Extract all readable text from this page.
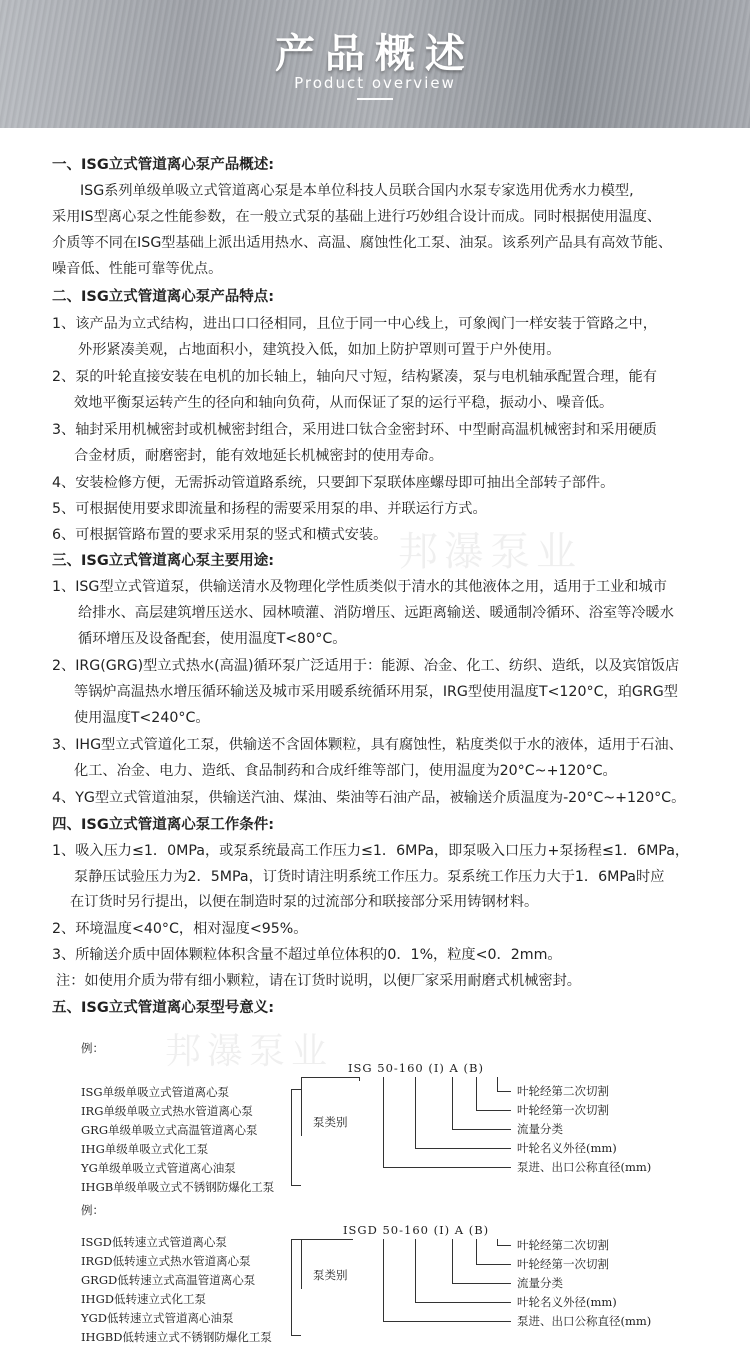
产品概述
Product overview
一、ISG立式管道离心泵产品概述:
ISG系列单级单吸立式管道离心泵是本单位科技人员联合国内水泵专家选用优秀水力模型,
采用IS型离心泵之性能参数，在一般立式泵的基础上进行巧妙组合设计而成。同时根据使用温度、
介质等不同在ISG型基础上派出适用热水、高温、腐蚀性化工泵、油泵。该系列产品具有高效节能、
噪音低、性能可靠等优点。
二、ISG立式管道离心泵产品特点:
1、该产品为立式结构，进出口口径相同，且位于同一中心线上，可象阀门一样安装于管路之中，
外形紧凑美观，占地面积小，建筑投入低，如加上防护罩则可置于户外使用。
2、泵的叶轮直接安装在电机的加长轴上，轴向尺寸短，结构紧凑，泵与电机轴承配置合理，能有
效地平衡泵运转产生的径向和轴向负荷，从而保证了泵的运行平稳，振动小、噪音低。
3、轴封采用机械密封或机械密封组合，采用进口钛合金密封环、中型耐高温机械密封和采用硬质
合金材质，耐磨密封，能有效地延长机械密封的使用寿命。
4、安装检修方便，无需拆动管道路系统，只要卸下泵联体座螺母即可抽出全部转子部件。
5、可根据使用要求即流量和扬程的需要采用泵的串、并联运行方式。
6、可根据管路布置的要求采用泵的竖式和横式安装。 邦瀑泵业
三、ISG立式管道离心泵主要用途:
1、ISG型立式管道泵，供输送清水及物理化学性质类似于清水的其他液体之用，适用于工业和城市
给排水、高层建筑增压送水、园林喷灌、消防增压、远距离输送、暖通制冷循环、浴室等冷暖水
循环增压及设备配套，使用温度T<80°C。
2、IRG(GRG)型立式热水(高温)循环泵广泛适用于：能源、冶金、化工、纺织、造纸，以及宾馆饭店
等锅炉高温热水增压循环输送及城市采用暖系统循环用泵，IRG型使用温度T<120°C，珀GRG型
使用温度T<240°C。
3、IHG型立式管道化工泵，供输送不含固体颗粒，具有腐蚀性，粘度类似于水的液体，适用于石油、
化工、冶金、电力、造纸、食品制药和合成纤维等部门，使用温度为20°C~+120°C。
4、YG型立式管道油泵，供输送汽油、煤油、柴油等石油产品，被输送介质温度为-20°C~+120°C。
四、ISG立式管道离心泵工作条件:
1、吸入压力≤1．0MPa，或泵系统最高工作压力≤1．6MPa，即泵吸入口压力+泵扬程≤1．6MPa，
泵静压试验压力为2．5MPa，订货时请注明系统工作压力。泵系统工作压力大于1．6MPa时应
在订货时另行提出，以便在制造时泵的过流部分和联接部分采用铸钢材料。
2、环境温度<40°C，相对湿度<95%。
3、所输送介质中固体颗粒体积含量不超过单位体积的0．1%，粒度<0．2mm。
注：如使用介质为带有细小颗粒，请在订货时说明，以便厂家采用耐磨式机械密封。
五、ISG立式管道离心泵型号意义:
例：
ISG 50-160 (I) A (B)
ISG单级单吸立式管道离心泵
IRG单级单吸立式热水管道离心泵
GRG单级单吸立式高温管道离心泵
IHG单级单吸立式化工泵
YG单级单吸立式管道离心油泵
IHGB单级单吸立式不锈钢防爆化工泵
泵类别
叶轮经第二次切割
叶轮经第一次切割
流量分类
叶轮名义外径(mm)
泵进、出口公称直径(mm)
例：
ISGD 50-160 (I) A (B)
ISGD低转速立式管道离心泵
IRGD低转速立式热水管道离心泵
GRGD低转速立式高温管道离心泵
IHGD低转速立式化工泵
YGD低转速立式管道离心油泵
IHGBD低转速立式不锈钢防爆化工泵
泵类别
叶轮经第二次切割
叶轮经第一次切割
流量分类
叶轮名义外径(mm)
泵进、出口公称直径(mm)
邦瀑泵业
